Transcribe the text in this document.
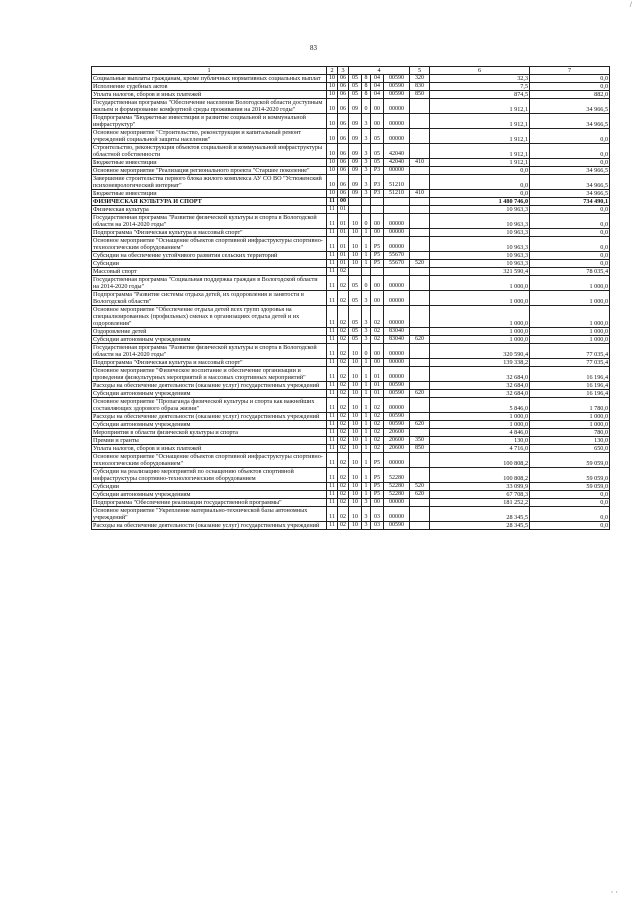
83
1	2	3	4				5	6	7
Социальные выплаты гражданам, кроме публичных нормативных социальных выплат	10	06	05	8	04	00590	320	32,3	0,0
Исполнение судебных актов	10	06	05	8	04	00590	830	7,5	0,0
Уплата налогов, сборов и иных платежей	10	06	05	8	04	00590	850	874,5	882,0
Государственная программа "Обеспечение населения Вологодской области доступным жильем и формирование комфортной среды проживания на 2014-2020 годы"	10	06	09	0	00	00000		1 912,1	34 966,5
Подпрограмма "Бюджетные инвестиции в развитие социальной и коммунальной инфраструктур"	10	06	09	3	00	00000		1 912,1	34 966,5
Основное мероприятие "Строительство, реконструкция и капитальный ремонт учреждений социальной защиты населения"	10	06	09	3	05	00000		1 912,1	0,0
Строительство, реконструкция объектов социальной и коммунальной инфраструктуры областной собственности	10	06	09	3	05	42040		1 912,1	0,0
Бюджетные инвестиции	10	06	09	3	05	42040	410	1 912,1	0,0
Основное мероприятие "Реализация регионального проекта "Старшее поколение"	10	06	09	3	P3	00000		0,0	34 966,5
Завершение строительства первого блока жилого комплекса АУ СО ВО "Устюженский психоневрологический интернат"	10	06	09	3	P3	51210		0,0	34 966,5
Бюджетные инвестиции	10	06	09	3	P3	51210	410	0,0	34 966,5
ФИЗИЧЕСКАЯ КУЛЬТУРА И СПОРТ	11	00						1 480 746,0	734 490,1
Физическая культура	11	01						10 963,3	0,0
Государственная программа "Развитие физической культуры и спорта в Вологодской области на 2014-2020 годы"	11	01	10	0	00	00000		10 963,3	0,0
Подпрограмма "Физическая культура и массовый спорт"	11	01	10	1	00	00000		10 963,3	0,0
Основное мероприятие "Оснащение объектов спортивной инфраструктуры спортивно-технологическим оборудованием"	11	01	10	1	P5	00000		10 963,3	0,0
Субсидии на обеспечение устойчивого развития сельских территорий	11	01	10	1	P5	55670		10 963,3	0,0
Субсидии	11	01	10	1	P5	55670	520	10 963,3	0,0
Массовый спорт	11	02						321 590,4	78 035,4
Государственная программа "Социальная поддержка граждан в Вологодской области на 2014-2020 годы"	11	02	05	0	00	00000		1 000,0	1 000,0
Подпрограмма "Развитие системы отдыха детей, их оздоровления и занятости в Вологодской области"	11	02	05	3	00	00000		1 000,0	1 000,0
Основное мероприятие "Обеспечение отдыха детей всех групп здоровья на специализированных (профильных) сменах в организациях отдыха детей и их оздоровления"	11	02	05	3	02	00000		1 000,0	1 000,0
Оздоровление детей	11	02	05	3	02	83040		1 000,0	1 000,0
Субсидии автономным учреждениям	11	02	05	3	02	83040	620	1 000,0	1 000,0
Государственная программа "Развитие физической культуры и спорта в Вологодской области на 2014-2020 годы"	11	02	10	0	00	00000		320 590,4	77 035,4
Подпрограмма "Физическая культура и массовый спорт"	11	02	10	1	00	00000		139 338,2	77 035,4
Основное мероприятие "Физическое воспитание и обеспечение организации и проведения физкультурных мероприятий и массовых спортивных мероприятий"	11	02	10	1	01	00000		32 684,0	16 196,4
Расходы на обеспечение деятельности (оказание услуг) государственных учреждений	11	02	10	1	01	00590		32 684,0	16 196,4
Субсидии автономным учреждениям	11	02	10	1	01	00590	620	32 684,0	16 196,4
Основное мероприятие "Пропаганда физической культуры и спорта как важнейших составляющих здорового образа жизни"	11	02	10	1	02	00000		5 846,0	1 780,0
Расходы на обеспечение деятельности (оказание услуг) государственных учреждений	11	02	10	1	02	00590		1 000,0	1 000,0
Субсидии автономным учреждениям	11	02	10	1	02	00590	620	1 000,0	1 000,0
Мероприятия в области физической культуры и спорта	11	02	10	1	02	20600		4 846,0	780,0
Премии и гранты	11	02	10	1	02	20600	350	130,0	130,0
Уплата налогов, сборов и иных платежей	11	02	10	1	02	20600	850	4 716,0	650,0
Основное мероприятие "Оснащение объектов спортивной инфраструктуры спортивно-технологическим оборудованием"	11	02	10	1	P5	00000		100 808,2	59 059,0
Субсидии на реализацию мероприятий по оснащению объектов спортивной инфраструктуры спортивно-технологическим оборудованием	11	02	10	1	P5	52280		100 808,2	59 059,0
Субсидии	11	02	10	1	P5	52280	520	33 099,9	59 059,0
Субсидии автономным учреждениям	11	02	10	1	P5	52280	620	67 708,3	0,0
Подпрограмма "Обеспечение реализации государственной программы"	11	02	10	3	00	00000		181 252,2	0,0
Основное мероприятие "Укрепление материально-технической базы автономных учреждений"	11	02	10	3	03	00000		28 345,5	0,0
Расходы на обеспечение деятельности (оказание услуг) государственных учреждений	11	02	10	3	03	00590		28 345,5	0,0
/
· ·
